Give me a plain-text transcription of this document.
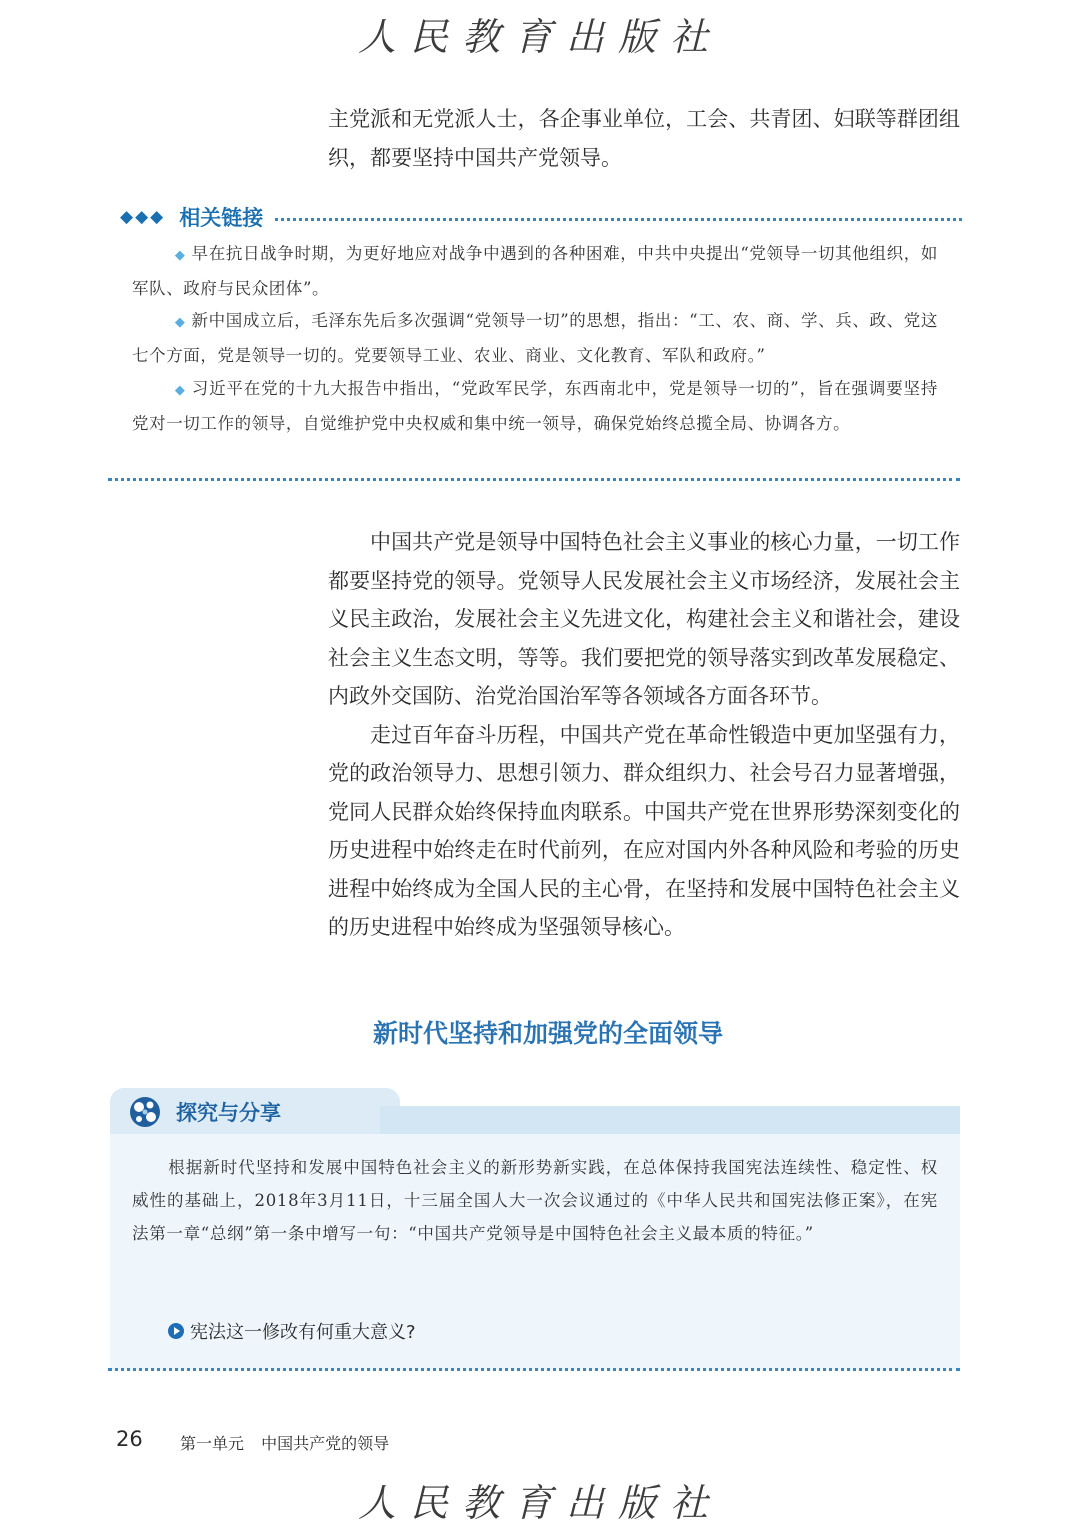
人民教育出版社

主党派和无党派人士，各企事业单位，工会、共青团、妇联等群团组织，都要坚持中国共产党领导。

◆◆◆ 相关链接

◆ 早在抗日战争时期，为更好地应对战争中遇到的各种困难，中共中央提出“党领导一切其他组织，如军队、政府与民众团体”。

◆ 新中国成立后，毛泽东先后多次强调“党领导一切”的思想，指出：“工、农、商、学、兵、政、党这七个方面，党是领导一切的。党要领导工业、农业、商业、文化教育、军队和政府。”

◆ 习近平在党的十九大报告中指出，“党政军民学，东西南北中，党是领导一切的”，旨在强调要坚持党对一切工作的领导，自觉维护党中央权威和集中统一领导，确保党始终总揽全局、协调各方。

中国共产党是领导中国特色社会主义事业的核心力量，一切工作都要坚持党的领导。党领导人民发展社会主义市场经济，发展社会主义民主政治，发展社会主义先进文化，构建社会主义和谐社会，建设社会主义生态文明，等等。我们要把党的领导落实到改革发展稳定、内政外交国防、治党治国治军等各领域各方面各环节。

走过百年奋斗历程，中国共产党在革命性锻造中更加坚强有力，党的政治领导力、思想引领力、群众组织力、社会号召力显著增强，党同人民群众始终保持血肉联系。中国共产党在世界形势深刻变化的历史进程中始终走在时代前列，在应对国内外各种风险和考验的历史进程中始终成为全国人民的主心骨，在坚持和发展中国特色社会主义的历史进程中始终成为坚强领导核心。

新时代坚持和加强党的全面领导
探究与分享

根据新时代坚持和发展中国特色社会主义的新形势新实践，在总体保持我国宪法连续性、稳定性、权威性的基础上，2018年3月11日，十三届全国人大一次会议通过的《中华人民共和国宪法修正案》，在宪法第一章“总纲”第一条中增写一句：“中国共产党领导是中国特色社会主义最本质的特征。”

宪法这一修改有何重大意义?
26 第一单元 中国共产党的领导
人民教育出版社
